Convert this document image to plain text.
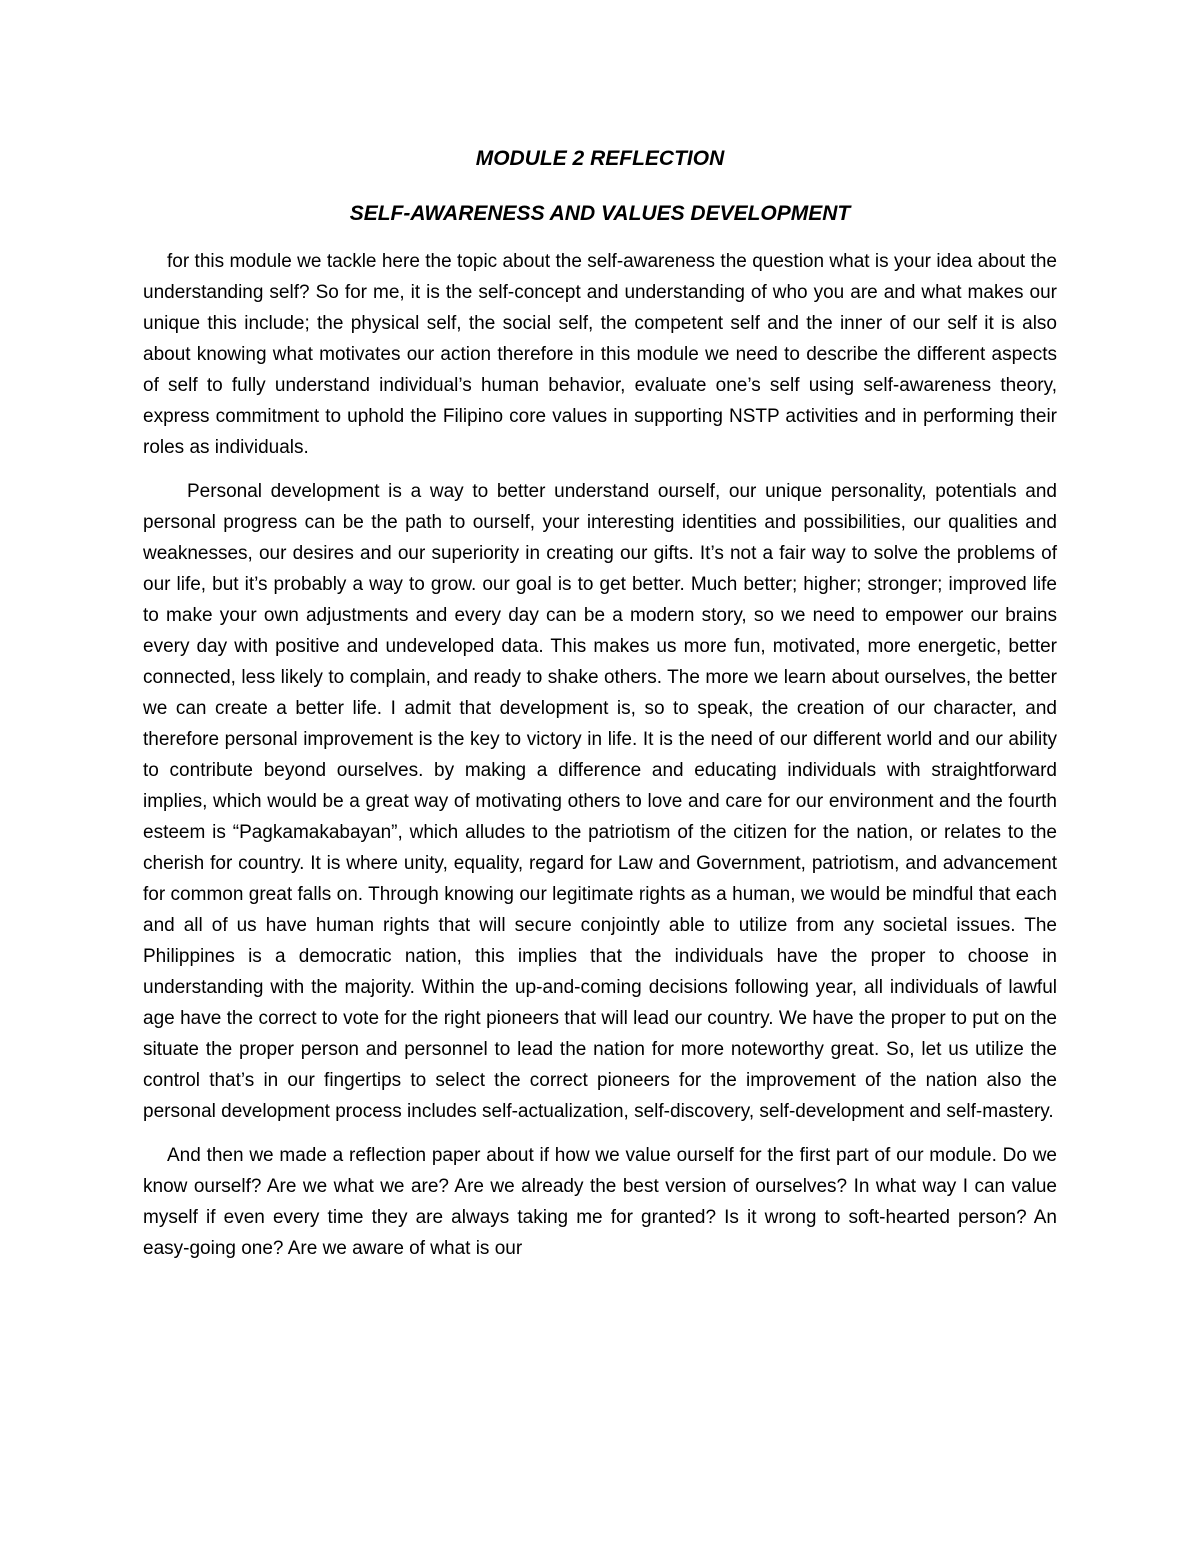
MODULE 2 REFLECTION

SELF-AWARENESS AND VALUES DEVELOPMENT

for this module we tackle here the topic about the self-awareness the question what is your idea about the understanding self? So for me, it is the self-concept and understanding of who you are and what makes our unique this include; the physical self, the social self, the competent self and the inner of our self it is also about knowing what motivates our action therefore in this module we need to describe the different aspects of self to fully understand individual’s human behavior, evaluate one’s self using self-awareness theory, express commitment to uphold the Filipino core values in supporting NSTP activities and in performing their roles as individuals.

Personal development is a way to better understand ourself, our unique personality, potentials and personal progress can be the path to ourself, your interesting identities and possibilities, our qualities and weaknesses, our desires and our superiority in creating our gifts. It’s not a fair way to solve the problems of our life, but it’s probably a way to grow. our goal is to get better. Much better; higher; stronger; improved life to make your own adjustments and every day can be a modern story, so we need to empower our brains every day with positive and undeveloped data. This makes us more fun, motivated, more energetic, better connected, less likely to complain, and ready to shake others. The more we learn about ourselves, the better we can create a better life. I admit that development is, so to speak, the creation of our character, and therefore personal improvement is the key to victory in life. It is the need of our different world and our ability to contribute beyond ourselves. by making a difference and educating individuals with straightforward implies, which would be a great way of motivating others to love and care for our environment and the fourth esteem is “Pagkamakabayan”, which alludes to the patriotism of the citizen for the nation, or relates to the cherish for country. It is where unity, equality, regard for Law and Government, patriotism, and advancement for common great falls on. Through knowing our legitimate rights as a human, we would be mindful that each and all of us have human rights that will secure conjointly able to utilize from any societal issues. The Philippines is a democratic nation, this implies that the individuals have the proper to choose in understanding with the majority. Within the up-and-coming decisions following year, all individuals of lawful age have the correct to vote for the right pioneers that will lead our country. We have the proper to put on the situate the proper person and personnel to lead the nation for more noteworthy great. So, let us utilize the control that’s in our fingertips to select the correct pioneers for the improvement of the nation also the personal development process includes self-actualization, self-discovery, self-development and self-mastery.

And then we made a reflection paper about if how we value ourself for the first part of our module. Do we know ourself? Are we what we are? Are we already the best version of ourselves? In what way I can value myself if even every time they are always taking me for granted? Is it wrong to soft-hearted person? An easy-going one? Are we aware of what is our
